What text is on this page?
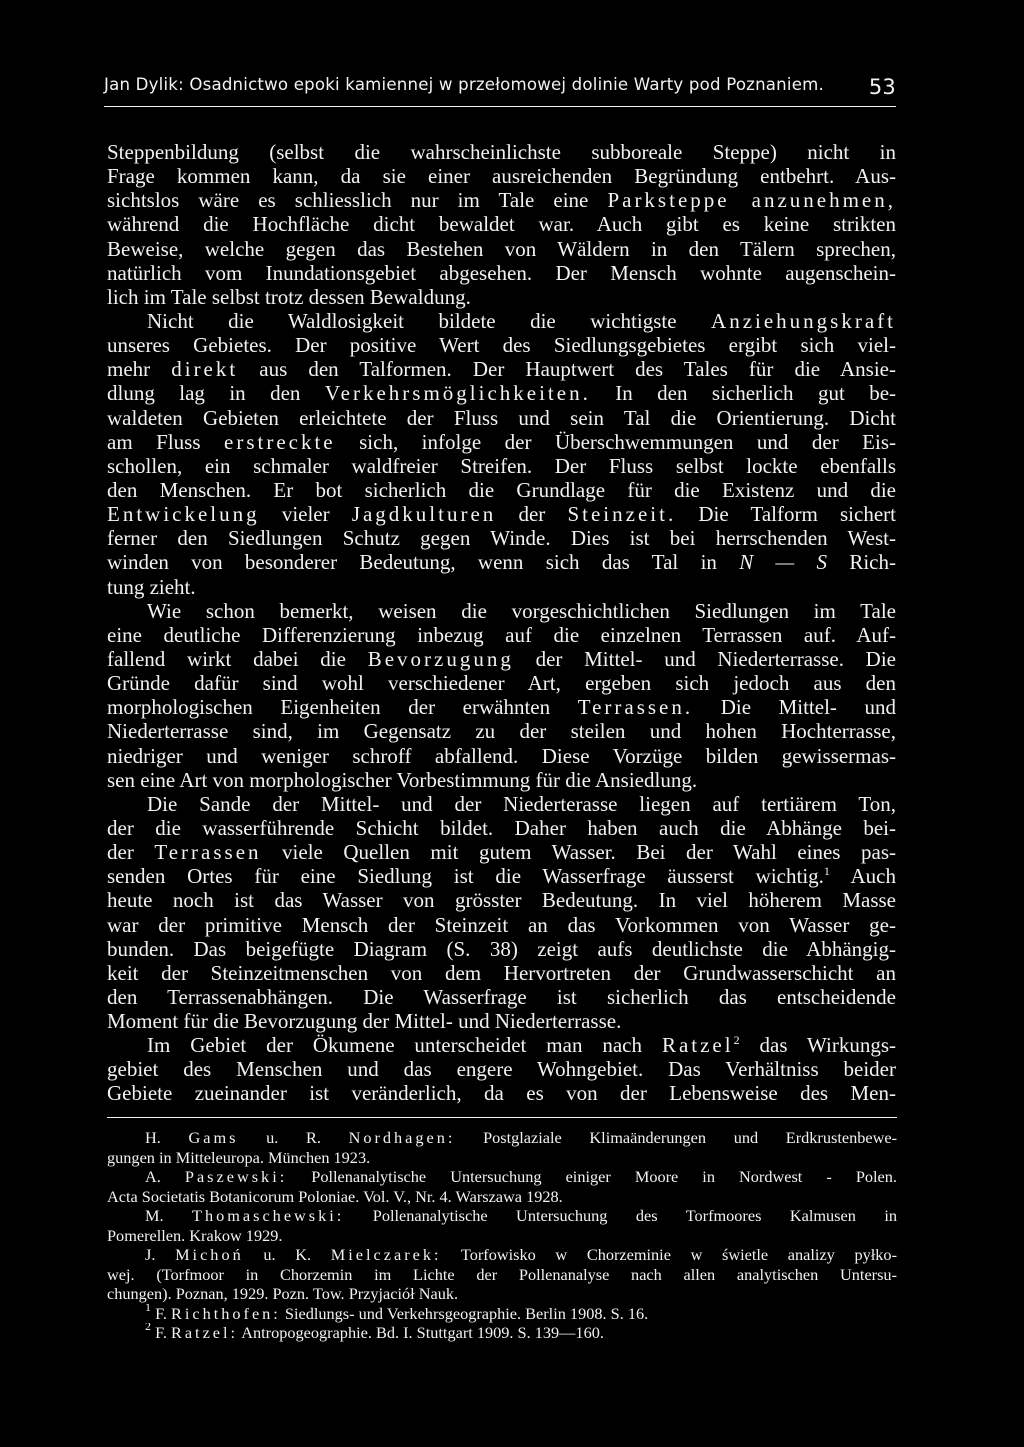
Jan Dylik: Osadnictwo epoki kamiennej w przełomowej dolinie Warty pod Poznaniem. 53
Steppenbildung (selbst die wahrscheinlichste subboreale Steppe) nicht in
Frage kommen kann, da sie einer ausreichenden Begründung entbehrt. Aus-
sichtslos wäre es schliesslich nur im Tale eine Parksteppe anzunehmen,
während die Hochfläche dicht bewaldet war. Auch gibt es keine strikten
Beweise, welche gegen das Bestehen von Wäldern in den Tälern sprechen,
natürlich vom Inundationsgebiet abgesehen. Der Mensch wohnte augenschein-
lich im Tale selbst trotz dessen Bewaldung.
Nicht die Waldlosigkeit bildete die wichtigste Anziehungskraft
unseres Gebietes. Der positive Wert des Siedlungsgebietes ergibt sich viel-
mehr direkt aus den Talformen. Der Hauptwert des Tales für die Ansie-
dlung lag in den Verkehrsmöglichkeiten. In den sicherlich gut be-
waldeten Gebieten erleichtete der Fluss und sein Tal die Orientierung. Dicht
am Fluss erstreckte sich, infolge der Überschwemmungen und der Eis-
schollen, ein schmaler waldfreier Streifen. Der Fluss selbst lockte ebenfalls
den Menschen. Er bot sicherlich die Grundlage für die Existenz und die
Entwickelung vieler Jagdkulturen der Steinzeit. Die Talform sichert
ferner den Siedlungen Schutz gegen Winde. Dies ist bei herrschenden West-
winden von besonderer Bedeutung, wenn sich das Tal in N — S Rich-
tung zieht.
Wie schon bemerkt, weisen die vorgeschichtlichen Siedlungen im Tale
eine deutliche Differenzierung inbezug auf die einzelnen Terrassen auf. Auf-
fallend wirkt dabei die Bevorzugung der Mittel- und Niederterrasse. Die
Gründe dafür sind wohl verschiedener Art, ergeben sich jedoch aus den
morphologischen Eigenheiten der erwähnten Terrassen. Die Mittel- und
Niederterrasse sind, im Gegensatz zu der steilen und hohen Hochterrasse,
niedriger und weniger schroff abfallend. Diese Vorzüge bilden gewissermas-
sen eine Art von morphologischer Vorbestimmung für die Ansiedlung.
Die Sande der Mittel- und der Niederterasse liegen auf tertiärem Ton,
der die wasserführende Schicht bildet. Daher haben auch die Abhänge bei-
der Terrassen viele Quellen mit gutem Wasser. Bei der Wahl eines pas-
senden Ortes für eine Siedlung ist die Wasserfrage äusserst wichtig.$^1$ Auch
heute noch ist das Wasser von grösster Bedeutung. In viel höherem Masse
war der primitive Mensch der Steinzeit an das Vorkommen von Wasser ge-
bunden. Das beigefügte Diagram (S. 38) zeigt aufs deutlichste die Abhängig-
keit der Steinzeitmenschen von dem Hervortreten der Grundwasserschicht an
den Terrassenabhängen. Die Wasserfrage ist sicherlich das entscheidende
Moment für die Bevorzugung der Mittel- und Niederterrasse.
Im Gebiet der Ökumene unterscheidet man nach Ratzel$^2$ das Wirkungs-
gebiet des Menschen und das engere Wohngebiet. Das Verhältniss beider
Gebiete zueinander ist veränderlich, da es von der Lebensweise des Men-
H. Gams u. R. Nordhagen: Postglaziale Klimaänderungen und Erdkrustenbewe-
gungen in Mitteleuropa. München 1923.
A. Paszewski: Pollenanalytische Untersuchung einiger Moore in Nordwest - Polen.
Acta Societatis Botanicorum Poloniae. Vol. V., Nr. 4. Warszawa 1928.
M. Thomaschewski: Pollenanalytische Untersuchung des Torfmoores Kalmusen in
Pomerellen. Krakow 1929.
J. Michoń u. K. Mielczarek: Torfowisko w Chorzeminie w świetle analizy pyłko-
wej. (Torfmoor in Chorzemin im Lichte der Pollenanalyse nach allen analytischen Untersu-
chungen). Poznan, 1929. Pozn. Tow. Przyjaciół Nauk.
$^1$ F. Richthofen: Siedlungs- und Verkehrsgeographie. Berlin 1908. S. 16.
$^2$ F. Ratzel: Antropogeographie. Bd. I. Stuttgart 1909. S. 139—160.
